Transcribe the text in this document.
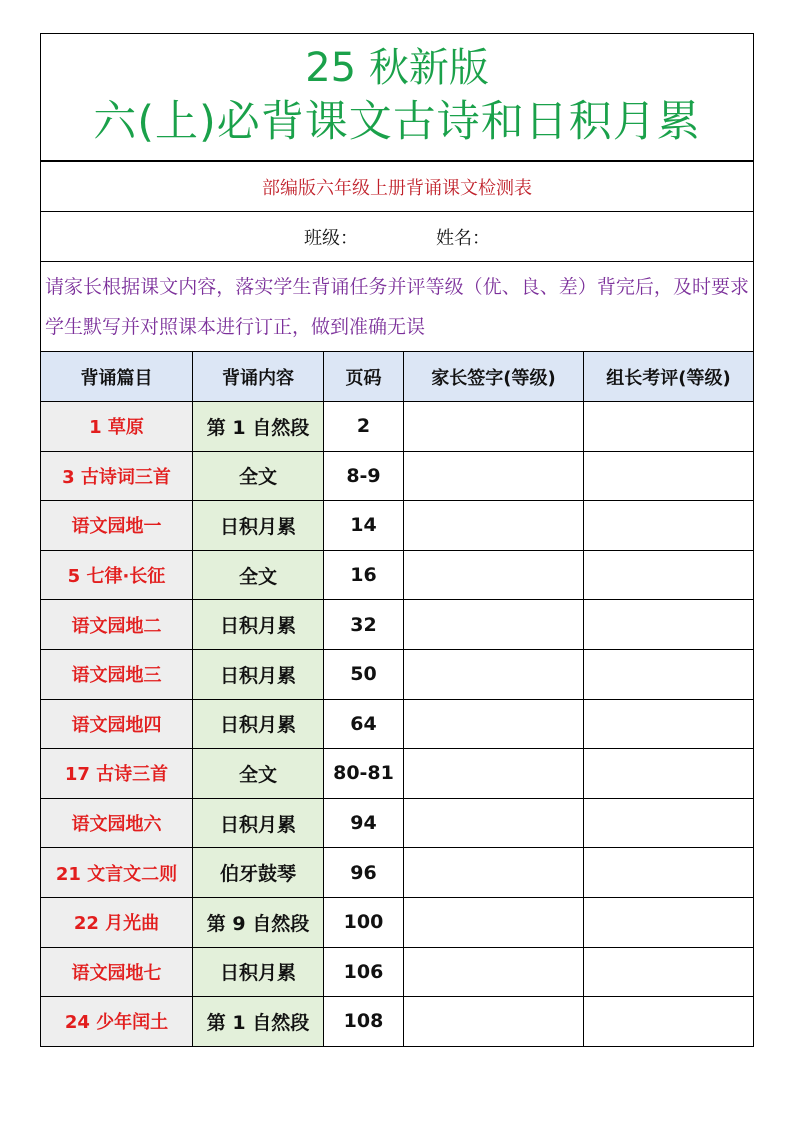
25 秋新版
六(上)必背课文古诗和日积月累				

部编版六年级上册背诵课文检测表				
班级： 姓名：				
请家长根据课文内容，落实学生背诵任务并评等级（优、良、差）背完后，及时要求学生默写并对照课本进行订正，做到准确无误				
背诵篇目	背诵内容	页码	家长签字(等级)	组长考评(等级)
1 草原	第 1 自然段	2		
3 古诗词三首	全文	8-9		
语文园地一	日积月累	14		
5 七律·长征	全文	16		
语文园地二	日积月累	32		
语文园地三	日积月累	50		
语文园地四	日积月累	64		
17 古诗三首	全文	80-81		
语文园地六	日积月累	94		
21 文言文二则	伯牙鼓琴	96		
22 月光曲	第 9 自然段	100		
语文园地七	日积月累	106		
24 少年闰土	第 1 自然段	108		
